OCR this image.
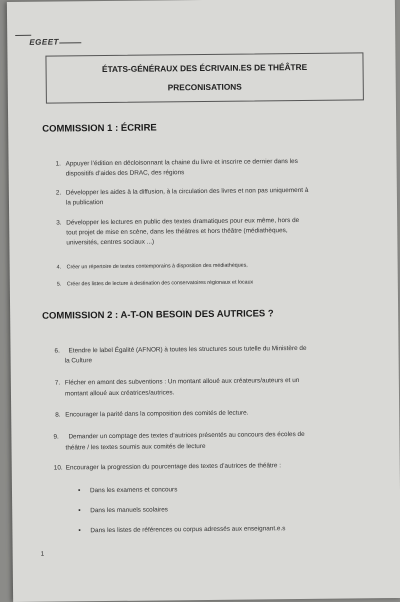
EGEET
ÉTATS-GÉNÉRAUX DES ÉCRIVAIN.ES DE THÉÂTRE
PRECONISATIONS
COMMISSION 1 : ÉCRIRE
1. Appuyer l’édition en décloisonnant la chaine du livre et inscrire ce dernier dans les
dispositifs d’aides des DRAC, des régions
2. Développer les aides à la diffusion, à la circulation des livres et non pas uniquement à
la publication
3. Développer les lectures en public des textes dramatiques pour eux même, hors de
tout projet de mise en scène, dans les théâtres et hors théâtre (médiathèques,
universités, centres sociaux ...)
4. Créer un répertoire de textes contemporains à disposition des médiathèques,
5. Créer des listes de lecture à destination des conservatoires régionaux et locaux
COMMISSION 2 : A-T-ON BESOIN DES AUTRICES ?
6. Etendre le label Égalité (AFNOR) à toutes les structures sous tutelle du Ministère de
la Culture
7. Flécher en amont des subventions : Un montant alloué aux créateurs/auteurs et un
montant alloué aux créatrices/autrices.
8. Encourager la parité dans la composition des comités de lecture.
9. Demander un comptage des textes d’autrices présentés au concours des écoles de
théâtre / les textes soumis aux comités de lecture
10. Encourager la progression du pourcentage des textes d’autrices de théâtre :
• Dans les examens et concours
• Dans les manuels scolaires
• Dans les listes de références ou corpus adressés aux enseignant.e.s
1
